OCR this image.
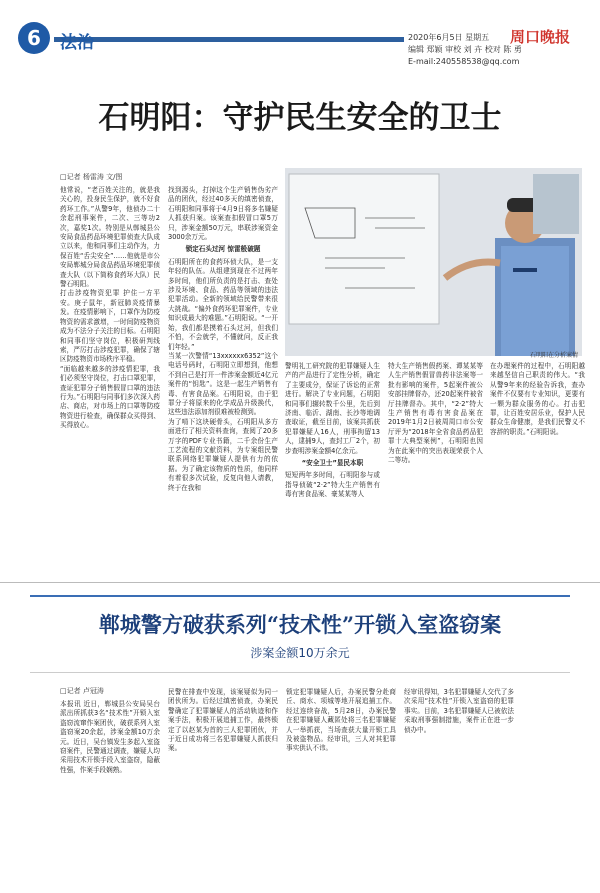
6	法治	2020年6月5日 星期五
编辑 郑颖 审校 刘 卉 校对 陈 勇
E-mail:240558538@qq.com
周口晚报
石明阳：守护民生安全的卫士
□记者 杨雷涛 文/图
他常说，“老百姓关注的，就是我关心的，投身民生保护，就不好食药环工作。”从警9年，他侦办二十余起刑事案件，二次、三等功2次，嘉奖1次。特别是从郸城县公安局食品药品环境犯罪侦查大队成立以来，他和同事们主动作为，力保百姓“舌尖安全”……他就是市公安局郸城分局食品药品环境犯罪侦查大队（以下简称食药环大队）民警石明阳。
打击涉疫物资犯罪 护住一方平安。庚子鼠年，新冠肺炎疫情暴发。在疫情影响下，口罩作为防疫物资的需求激增，一时间防疫物资成为不法分子关注的目标。石明阳和同事们坚守岗位，积极研判线索，严厉打击涉疫犯罪，确保了辖区防疫物资市场秩序平稳。
“面临越来越多的涉疫情犯罪，我们必须坚守岗位，打击口罩犯罪，查证犯罪分子销售假冒口罩的违法行为。”石明阳与同事们多次深入药店、商店，对市场上的口罩等防疫物资进行检查，确保群众买得到、买得放心。
找到源头，打掉这个生产销售伪劣产品的团伙，经过40多天的缜密侦查，石明阳和同事将于4月9日将多名嫌疑人抓获归案。该案查扣假冒口罩5万只，涉案金额50万元，串联涉案资金3000余万元。
锁定石头过河 惊雷般破题
石明阳所在的食药环侦大队，是一支年轻的队伍。从组建到现在不过两年多时间，他们所负责的是打击、查处涉及环境、食品、药品等领域的违法犯罪活动。全新的领域给民警带来很大挑战。“偏外食药环犯罪案件，专业知识成最大的难题。”石明阳说。“一开始，我们都是摸着石头过河，但我们不怕，不会就学，不懂就问，反正我们年轻。”
当某一次警情“13xxxxxx6352”这个电话号码时，石明阳立即想到，他想不到自己是打开一件涉案金额近4亿元案件的“钥匙”。这是一起生产销售有毒、有害食品案。石明阳说，由于犯罪分子将原来的化学成品升级换代，这些违法添加剂很难被检测到。
为了啃下这块硬骨头，石明阳从多方面进行了相关资料查询，查阅了20多万字的PDF专业书籍，二千余份生产工艺流程的文献资料，为专案组民警联系网络犯罪嫌疑人提供有力的依据。为了确定该物质的性质，他同样有着很多次试验，反复向他人请教，终于在我和
石明阳在分析案情
警明礼工研究院的犯罪嫌疑人生产的产品进行了定性分析，确定了主要成分，保证了诉讼的正常进行。解决了专业问题，石明阳和同事们辗转数千公里，先后到济南、临沂、湖南、长沙等地调查取证，截至目前，该案共抓获犯罪嫌疑人16人，刑事拘留13人，逮捕9人，查封工厂2个，初步查明涉案金额4亿余元。
“安全卫士”显民本职
短短两年多时间，石明阳参与或指导侦破“2·2”特大生产销售有毒有害食品案、豪某某等人
特大生产销售假药案、谭某某等人生产销售假冒兽药非法案等一批有影响的案件，5起案件被公安部挂牌督办，还20起案件被省厅挂牌督办。其中，“2·2”特大生产销售有毒有害食品案在2019年1月2日被周周口市公安厅评为“2018年全省食品药品犯罪十大典型案例”，石明阳也因为在此案中的突出表现荣获个人二等功。
在办理案件的过程中，石明阳越来越坚信自己职责的伟大。“我从警9年来的经验告诉我，查办案件不仅要有专业知识，更要有一颗为群众服务的心。打击犯罪，让百姓安居乐业，保护人民群众生命健康，是我们民警义不容辞的职责。”石明阳说。
郸城警方破获系列“技术性”开锁入室盗窃案
涉案金额10万余元
□记者 卢冠涛
本报讯 近日，郸城县公安局吴台派出所抓获3名“技术性”开锁入室盗窃流窜作案团伙，破获系列入室盗窃案20余起，涉案金额10万余元。近日，吴台镇发生多起入室盗窃案件，民警通过调查，嫌疑人均采用技术开锁手段入室盗窃，隐蔽性强，作案手段娴熟。
民警在排查中发现，该案疑似为同一团伙所为。后经过缜密侦查，办案民警确定了犯罪嫌疑人的活动轨迹和作案手法，积极开展追捕工作，最终锁定了以赵某为首的三人犯罪团伙，并于近日成功将三名犯罪嫌疑人抓获归案。
锁定犯罪嫌疑人后，办案民警分赴商丘、商水、项城等地开展追捕工作。经过连续奋战，5月28日，办案民警在犯罪嫌疑人藏匿处将三名犯罪嫌疑人一举抓获，当场查获大量开锁工具及被盗物品。经审讯，三人对其犯罪事实供认不讳。
经审讯得知，3名犯罪嫌疑人交代了多次采用“技术性”开锁入室盗窃的犯罪事实。目前，3名犯罪嫌疑人已被依法采取刑事强制措施，案件正在进一步侦办中。
